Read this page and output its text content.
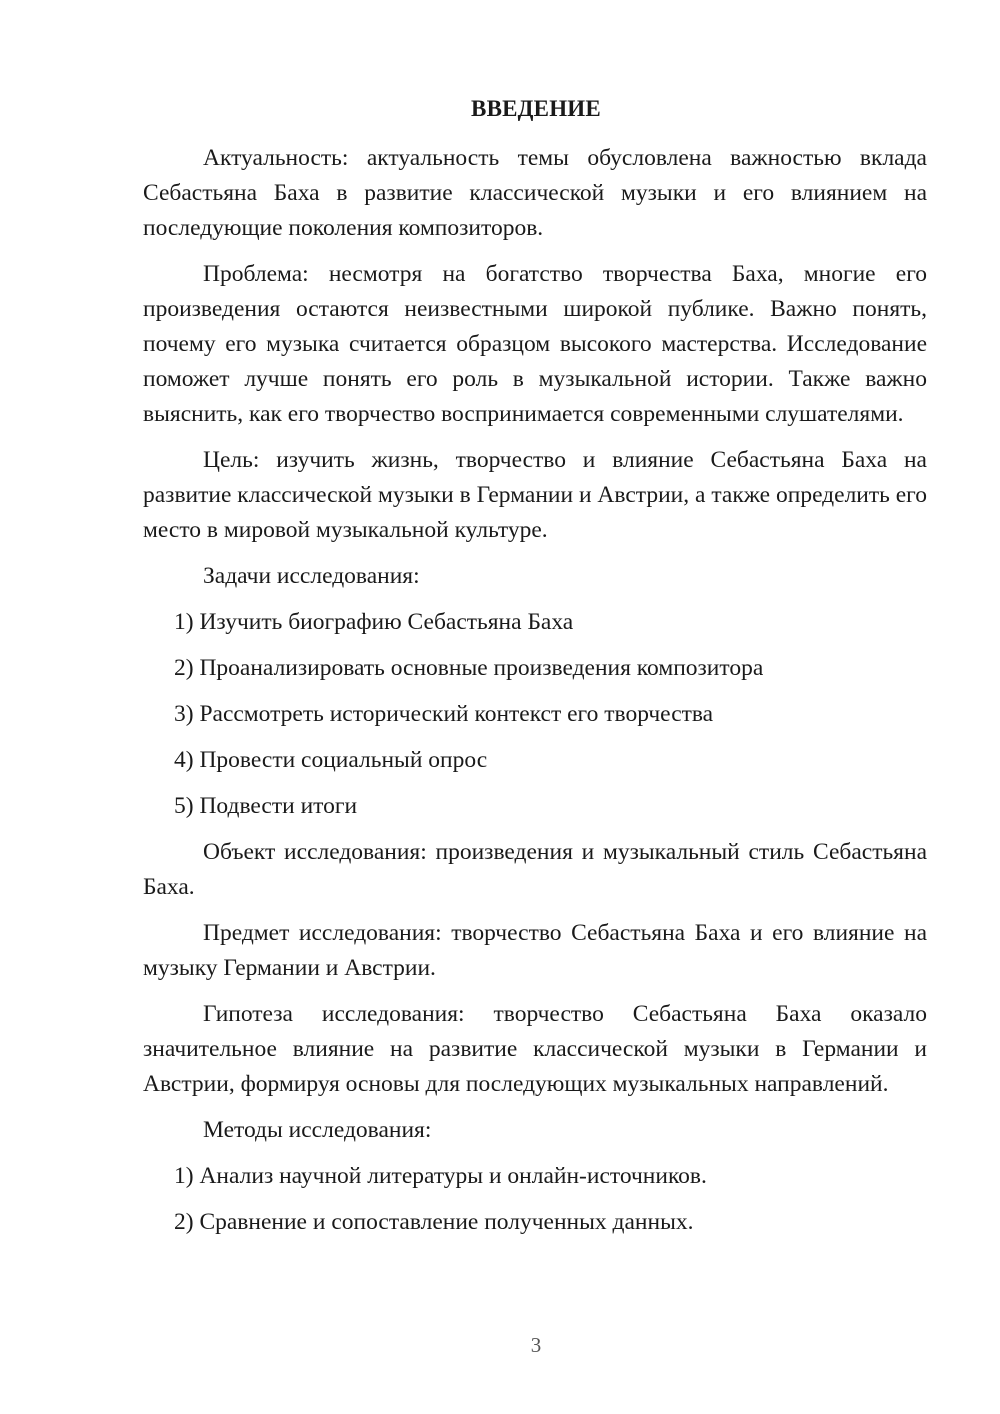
ВВЕДЕНИЕ

Актуальность: актуальность темы обусловлена важностью вклада Себастьяна Баха в развитие классической музыки и его влиянием на последующие поколения композиторов.

Проблема: несмотря на богатство творчества Баха, многие его произведения остаются неизвестными широкой публике. Важно понять, почему его музыка считается образцом высокого мастерства. Исследование поможет лучше понять его роль в музыкальной истории. Также важно выяснить, как его творчество воспринимается современными слушателями.

Цель: изучить жизнь, творчество и влияние Себастьяна Баха на развитие классической музыки в Германии и Австрии, а также определить его место в мировой музыкальной культуре.

Задачи исследования:

1) Изучить биографию Себастьяна Баха

2) Проанализировать основные произведения композитора

3) Рассмотреть исторический контекст его творчества

4) Провести социальный опрос

5) Подвести итоги

Объект исследования: произведения и музыкальный стиль Себастьяна Баха.

Предмет исследования: творчество Себастьяна Баха и его влияние на музыку Германии и Австрии.

Гипотеза исследования: творчество Себастьяна Баха оказало значительное влияние на развитие классической музыки в Германии и Австрии, формируя основы для последующих музыкальных направлений.

Методы исследования:

1) Анализ научной литературы и онлайн-источников.

2) Сравнение и сопоставление полученных данных.

3
